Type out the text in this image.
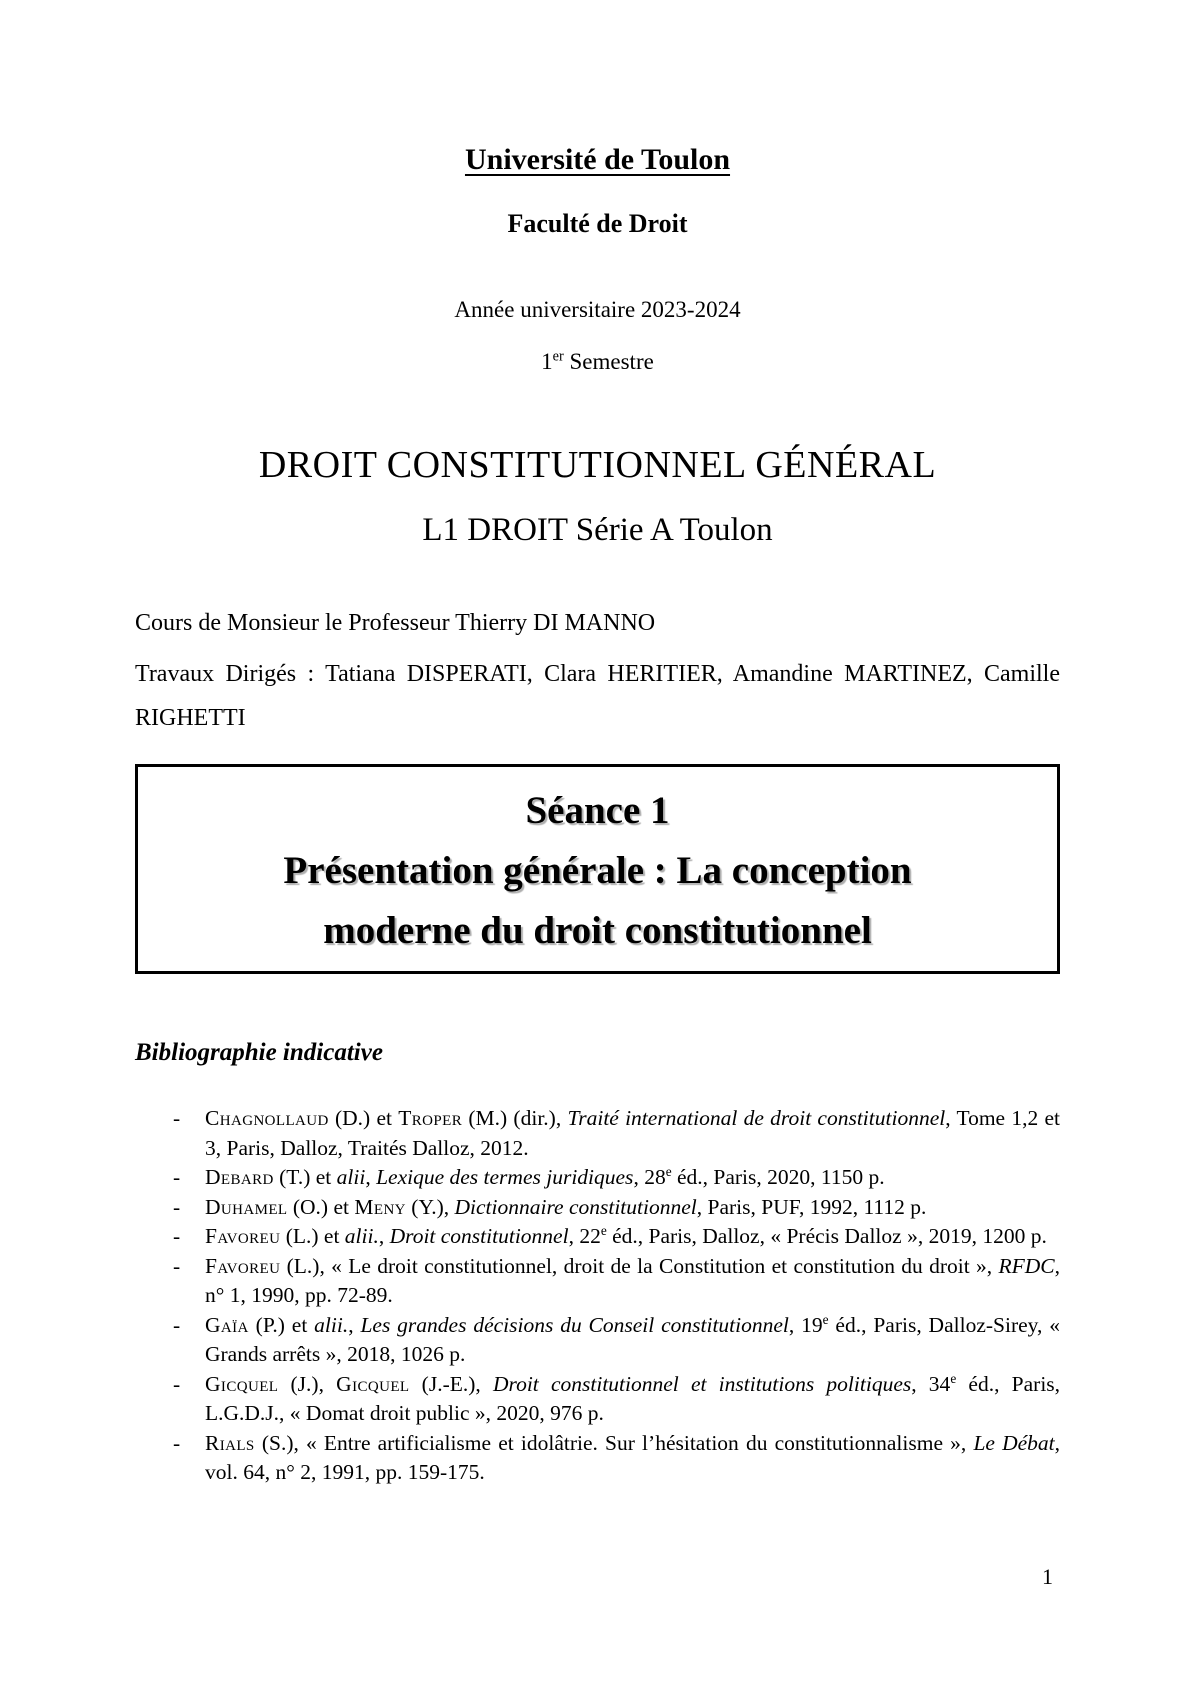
Université de Toulon
Faculté de Droit

Année universitaire 2023-2024

1er Semestre

DROIT CONSTITUTIONNEL GÉNÉRAL

L1 DROIT Série A Toulon

Cours de Monsieur le Professeur Thierry DI MANNO

Travaux Dirigés : Tatiana DISPERATI, Clara HERITIER, Amandine MARTINEZ, Camille RIGHETTI

Séance 1
Présentation générale : La conception
moderne du droit constitutionnel

Bibliographie indicative

- Chagnollaud (D.) et Troper (M.) (dir.), Traité international de droit constitutionnel, Tome 1,2 et 3, Paris, Dalloz, Traités Dalloz, 2012.
- Debard (T.) et alii, Lexique des termes juridiques, 28e éd., Paris, 2020, 1150 p.
- Duhamel (O.) et Meny (Y.), Dictionnaire constitutionnel, Paris, PUF, 1992, 1112 p.
- Favoreu (L.) et alii., Droit constitutionnel, 22e éd., Paris, Dalloz, « Précis Dalloz », 2019, 1200 p.
- Favoreu (L.), « Le droit constitutionnel, droit de la Constitution et constitution du droit », RFDC, n° 1, 1990, pp. 72-89.
- Gaïa (P.) et alii., Les grandes décisions du Conseil constitutionnel, 19e éd., Paris, Dalloz-Sirey, « Grands arrêts », 2018, 1026 p.
- Gicquel (J.), Gicquel (J.-E.), Droit constitutionnel et institutions politiques, 34e éd., Paris, L.G.D.J., « Domat droit public », 2020, 976 p.
- Rials (S.), « Entre artificialisme et idolâtrie. Sur l’hésitation du constitutionnalisme », Le Débat, vol. 64, n° 2, 1991, pp. 159-175.
1
